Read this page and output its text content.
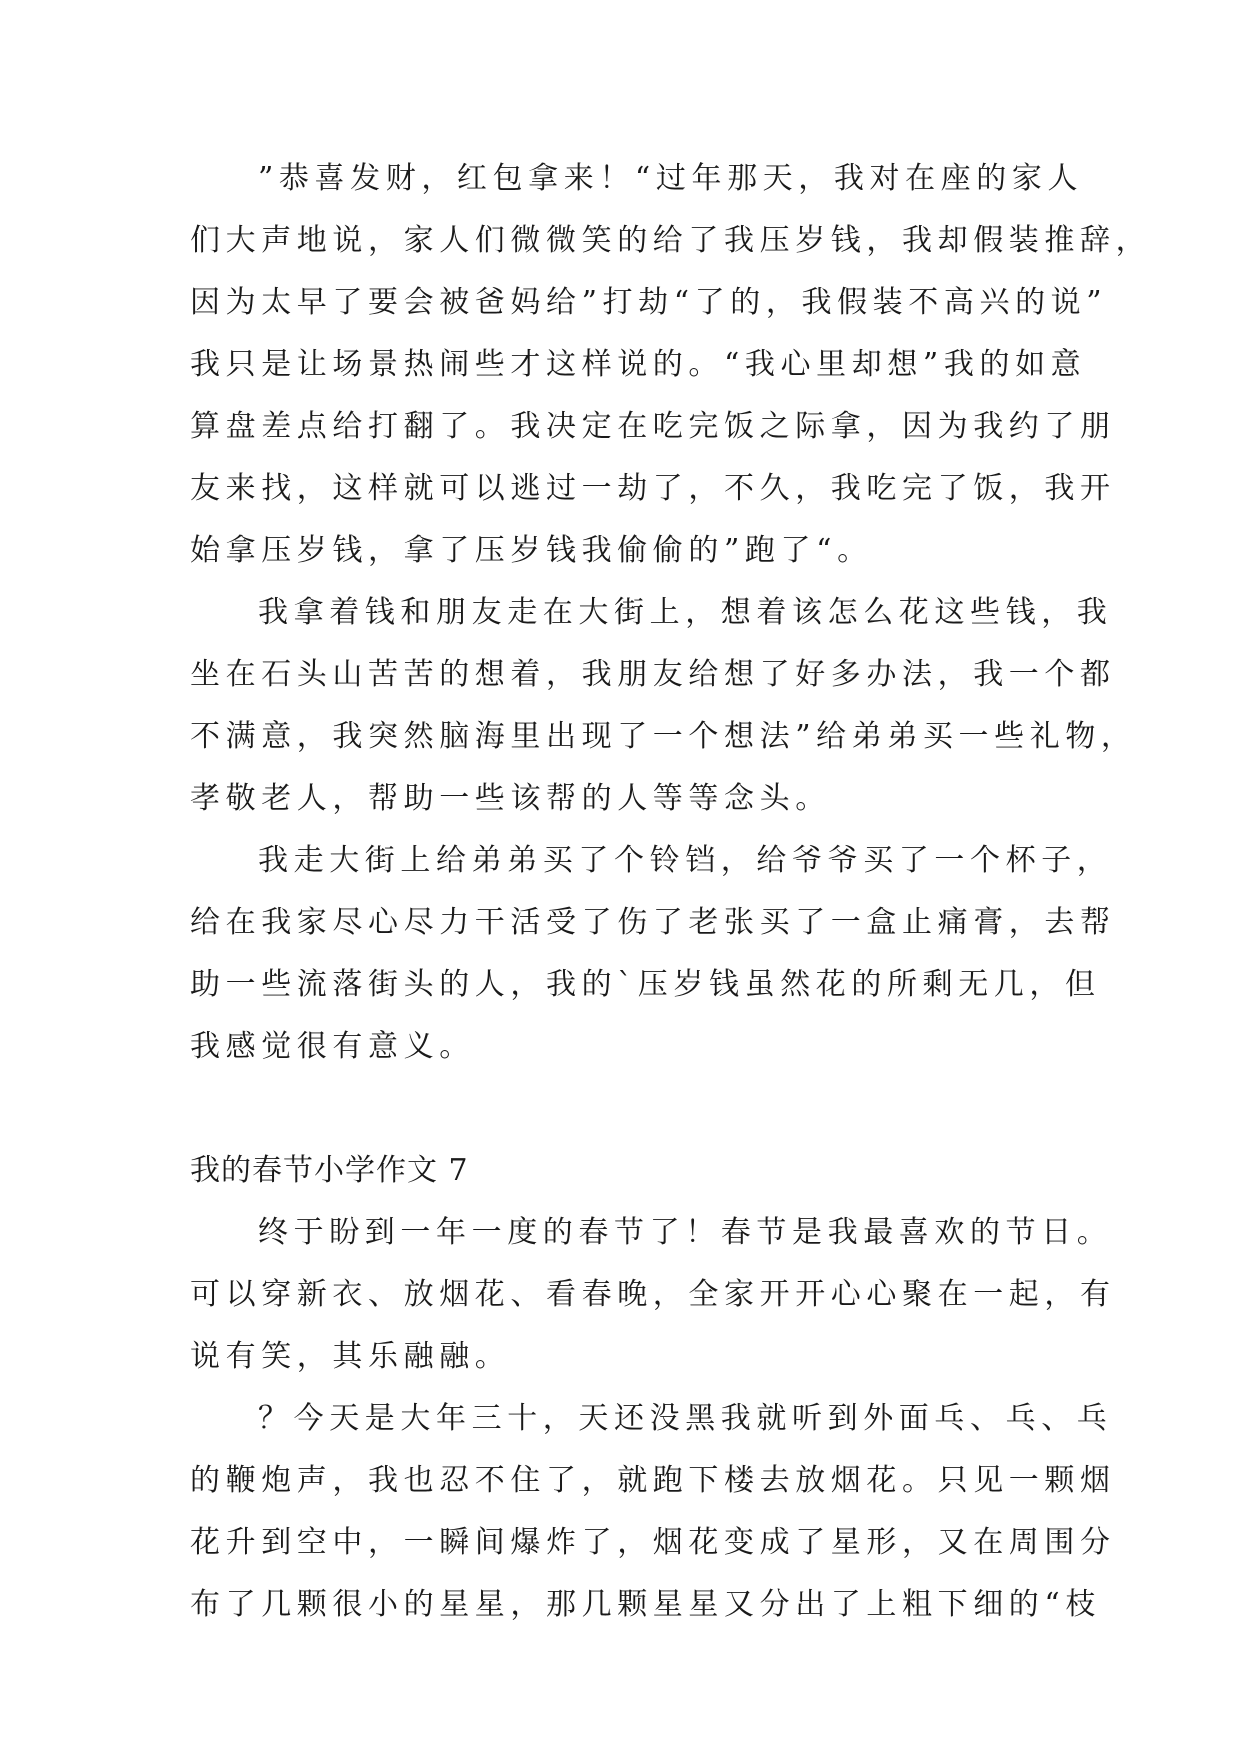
”恭喜发财，红包拿来！“过年那天，我对在座的家人
们大声地说，家人们微微笑的给了我压岁钱，我却假装推辞，
因为太早了要会被爸妈给”打劫“了的，我假装不高兴的说”
我只是让场景热闹些才这样说的。“我心里却想”我的如意
算盘差点给打翻了。我决定在吃完饭之际拿，因为我约了朋
友来找，这样就可以逃过一劫了，不久，我吃完了饭，我开
始拿压岁钱，拿了压岁钱我偷偷的”跑了“。
我拿着钱和朋友走在大街上，想着该怎么花这些钱，我
坐在石头山苦苦的想着，我朋友给想了好多办法，我一个都
不满意，我突然脑海里出现了一个想法”给弟弟买一些礼物，
孝敬老人，帮助一些该帮的人等等念头。
我走大街上给弟弟买了个铃铛，给爷爷买了一个杯子，
给在我家尽心尽力干活受了伤了老张买了一盒止痛膏，去帮
助一些流落街头的人，我的`压岁钱虽然花的所剩无几，但
我感觉很有意义。
我的春节小学作文 7
终于盼到一年一度的春节了！春节是我最喜欢的节日。
可以穿新衣、放烟花、看春晚，全家开开心心聚在一起，有
说有笑，其乐融融。
？今天是大年三十，天还没黑我就听到外面乓、乓、乓
的鞭炮声，我也忍不住了，就跑下楼去放烟花。只见一颗烟
花升到空中，一瞬间爆炸了，烟花变成了星形，又在周围分
布了几颗很小的星星，那几颗星星又分出了上粗下细的“枝
